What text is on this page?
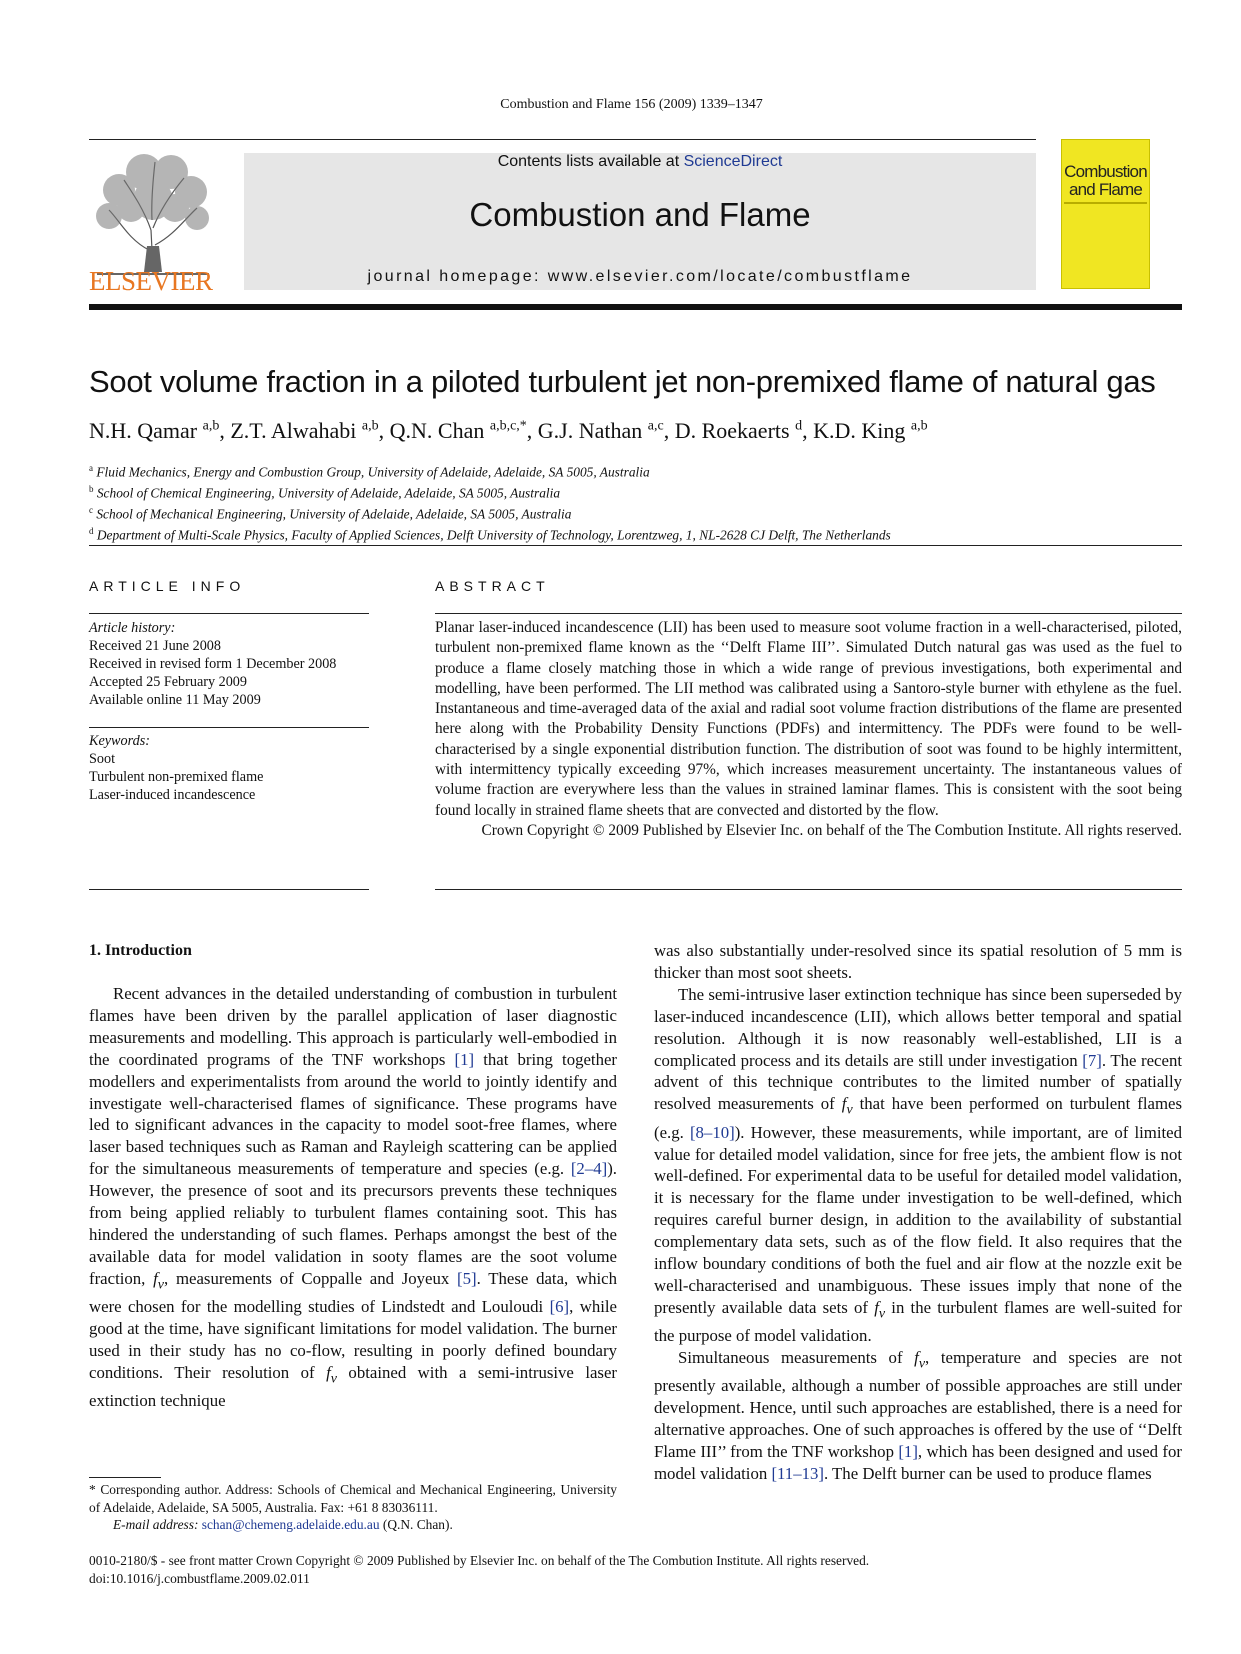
Combustion and Flame 156 (2009) 1339–1347
ELSEVIER
Contents lists available at ScienceDirect
Combustion and Flame
journal homepage: www.elsevier.com/locate/combustflame
Combustion and Flame
Soot volume fraction in a piloted turbulent jet non-premixed flame of natural gas
N.H. Qamar $^{a,b}$, Z.T. Alwahabi $^{a,b}$, Q.N. Chan $^{a,b,c,*}$, G.J. Nathan $^{a,c}$, D. Roekaerts $^d$, K.D. King $^{a,b}$
$^a$ Fluid Mechanics, Energy and Combustion Group, University of Adelaide, Adelaide, SA 5005, Australia
$^b$ School of Chemical Engineering, University of Adelaide, Adelaide, SA 5005, Australia
$^c$ School of Mechanical Engineering, University of Adelaide, Adelaide, SA 5005, Australia
$^d$ Department of Multi-Scale Physics, Faculty of Applied Sciences, Delft University of Technology, Lorentzweg, 1, NL-2628 CJ Delft, The Netherlands
ARTICLE INFO
Article history:
Received 21 June 2008
Received in revised form 1 December 2008
Accepted 25 February 2009
Available online 11 May 2009
Keywords:
Soot
Turbulent non-premixed flame
Laser-induced incandescence
ABSTRACT
Planar laser-induced incandescence (LII) has been used to measure soot volume fraction in a well-characterised, piloted, turbulent non-premixed flame known as the ‘‘Delft Flame III’’. Simulated Dutch natural gas was used as the fuel to produce a flame closely matching those in which a wide range of previous investigations, both experimental and modelling, have been performed. The LII method was calibrated using a Santoro-style burner with ethylene as the fuel. Instantaneous and time-averaged data of the axial and radial soot volume fraction distributions of the flame are presented here along with the Probability Density Functions (PDFs) and intermittency. The PDFs were found to be well-characterised by a single exponential distribution function. The distribution of soot was found to be highly intermittent, with intermittency typically exceeding 97%, which increases measurement uncertainty. The instantaneous values of volume fraction are everywhere less than the values in strained laminar flames. This is consistent with the soot being found locally in strained flame sheets that are convected and distorted by the flow.
Crown Copyright © 2009 Published by Elsevier Inc. on behalf of the The Combution Institute. All rights reserved.
1. Introduction

Recent advances in the detailed understanding of combustion in turbulent flames have been driven by the parallel application of laser diagnostic measurements and modelling. This approach is particularly well-embodied in the coordinated programs of the TNF workshops [1] that bring together modellers and experimentalists from around the world to jointly identify and investigate well-characterised flames of significance. These programs have led to significant advances in the capacity to model soot-free flames, where laser based techniques such as Raman and Rayleigh scattering can be applied for the simultaneous measurements of temperature and species (e.g. [2–4]). However, the presence of soot and its precursors prevents these techniques from being applied reliably to turbulent flames containing soot. This has hindered the understanding of such flames. Perhaps amongst the best of the available data for model validation in sooty flames are the soot volume fraction, $f_v$, measurements of Coppalle and Joyeux [5]. These data, which were chosen for the modelling studies of Lindstedt and Louloudi [6], while good at the time, have significant limitations for model validation. The burner used in their study has no co-flow, resulting in poorly defined boundary conditions. Their resolution of $f_v$ obtained with a semi-intrusive laser extinction technique

was also substantially under-resolved since its spatial resolution of 5 mm is thicker than most soot sheets.

The semi-intrusive laser extinction technique has since been superseded by laser-induced incandescence (LII), which allows better temporal and spatial resolution. Although it is now reasonably well-established, LII is a complicated process and its details are still under investigation [7]. The recent advent of this technique contributes to the limited number of spatially resolved measurements of $f_v$ that have been performed on turbulent flames (e.g. [8–10]). However, these measurements, while important, are of limited value for detailed model validation, since for free jets, the ambient flow is not well-defined. For experimental data to be useful for detailed model validation, it is necessary for the flame under investigation to be well-defined, which requires careful burner design, in addition to the availability of substantial complementary data sets, such as of the flow field. It also requires that the inflow boundary conditions of both the fuel and air flow at the nozzle exit be well-characterised and unambiguous. These issues imply that none of the presently available data sets of $f_v$ in the turbulent flames are well-suited for the purpose of model validation.

Simultaneous measurements of $f_v$, temperature and species are not presently available, although a number of possible approaches are still under development. Hence, until such approaches are established, there is a need for alternative approaches. One of such approaches is offered by the use of ‘‘Delft Flame III’’ from the TNF workshop [1], which has been designed and used for model validation [11–13]. The Delft burner can be used to produce flames

* Corresponding author. Address: Schools of Chemical and Mechanical Engineering, University of Adelaide, Adelaide, SA 5005, Australia. Fax: +61 8 83036111.
E-mail address: schan@chemeng.adelaide.edu.au (Q.N. Chan).
0010-2180/$ - see front matter Crown Copyright © 2009 Published by Elsevier Inc. on behalf of the The Combution Institute. All rights reserved.
doi:10.1016/j.combustflame.2009.02.011
